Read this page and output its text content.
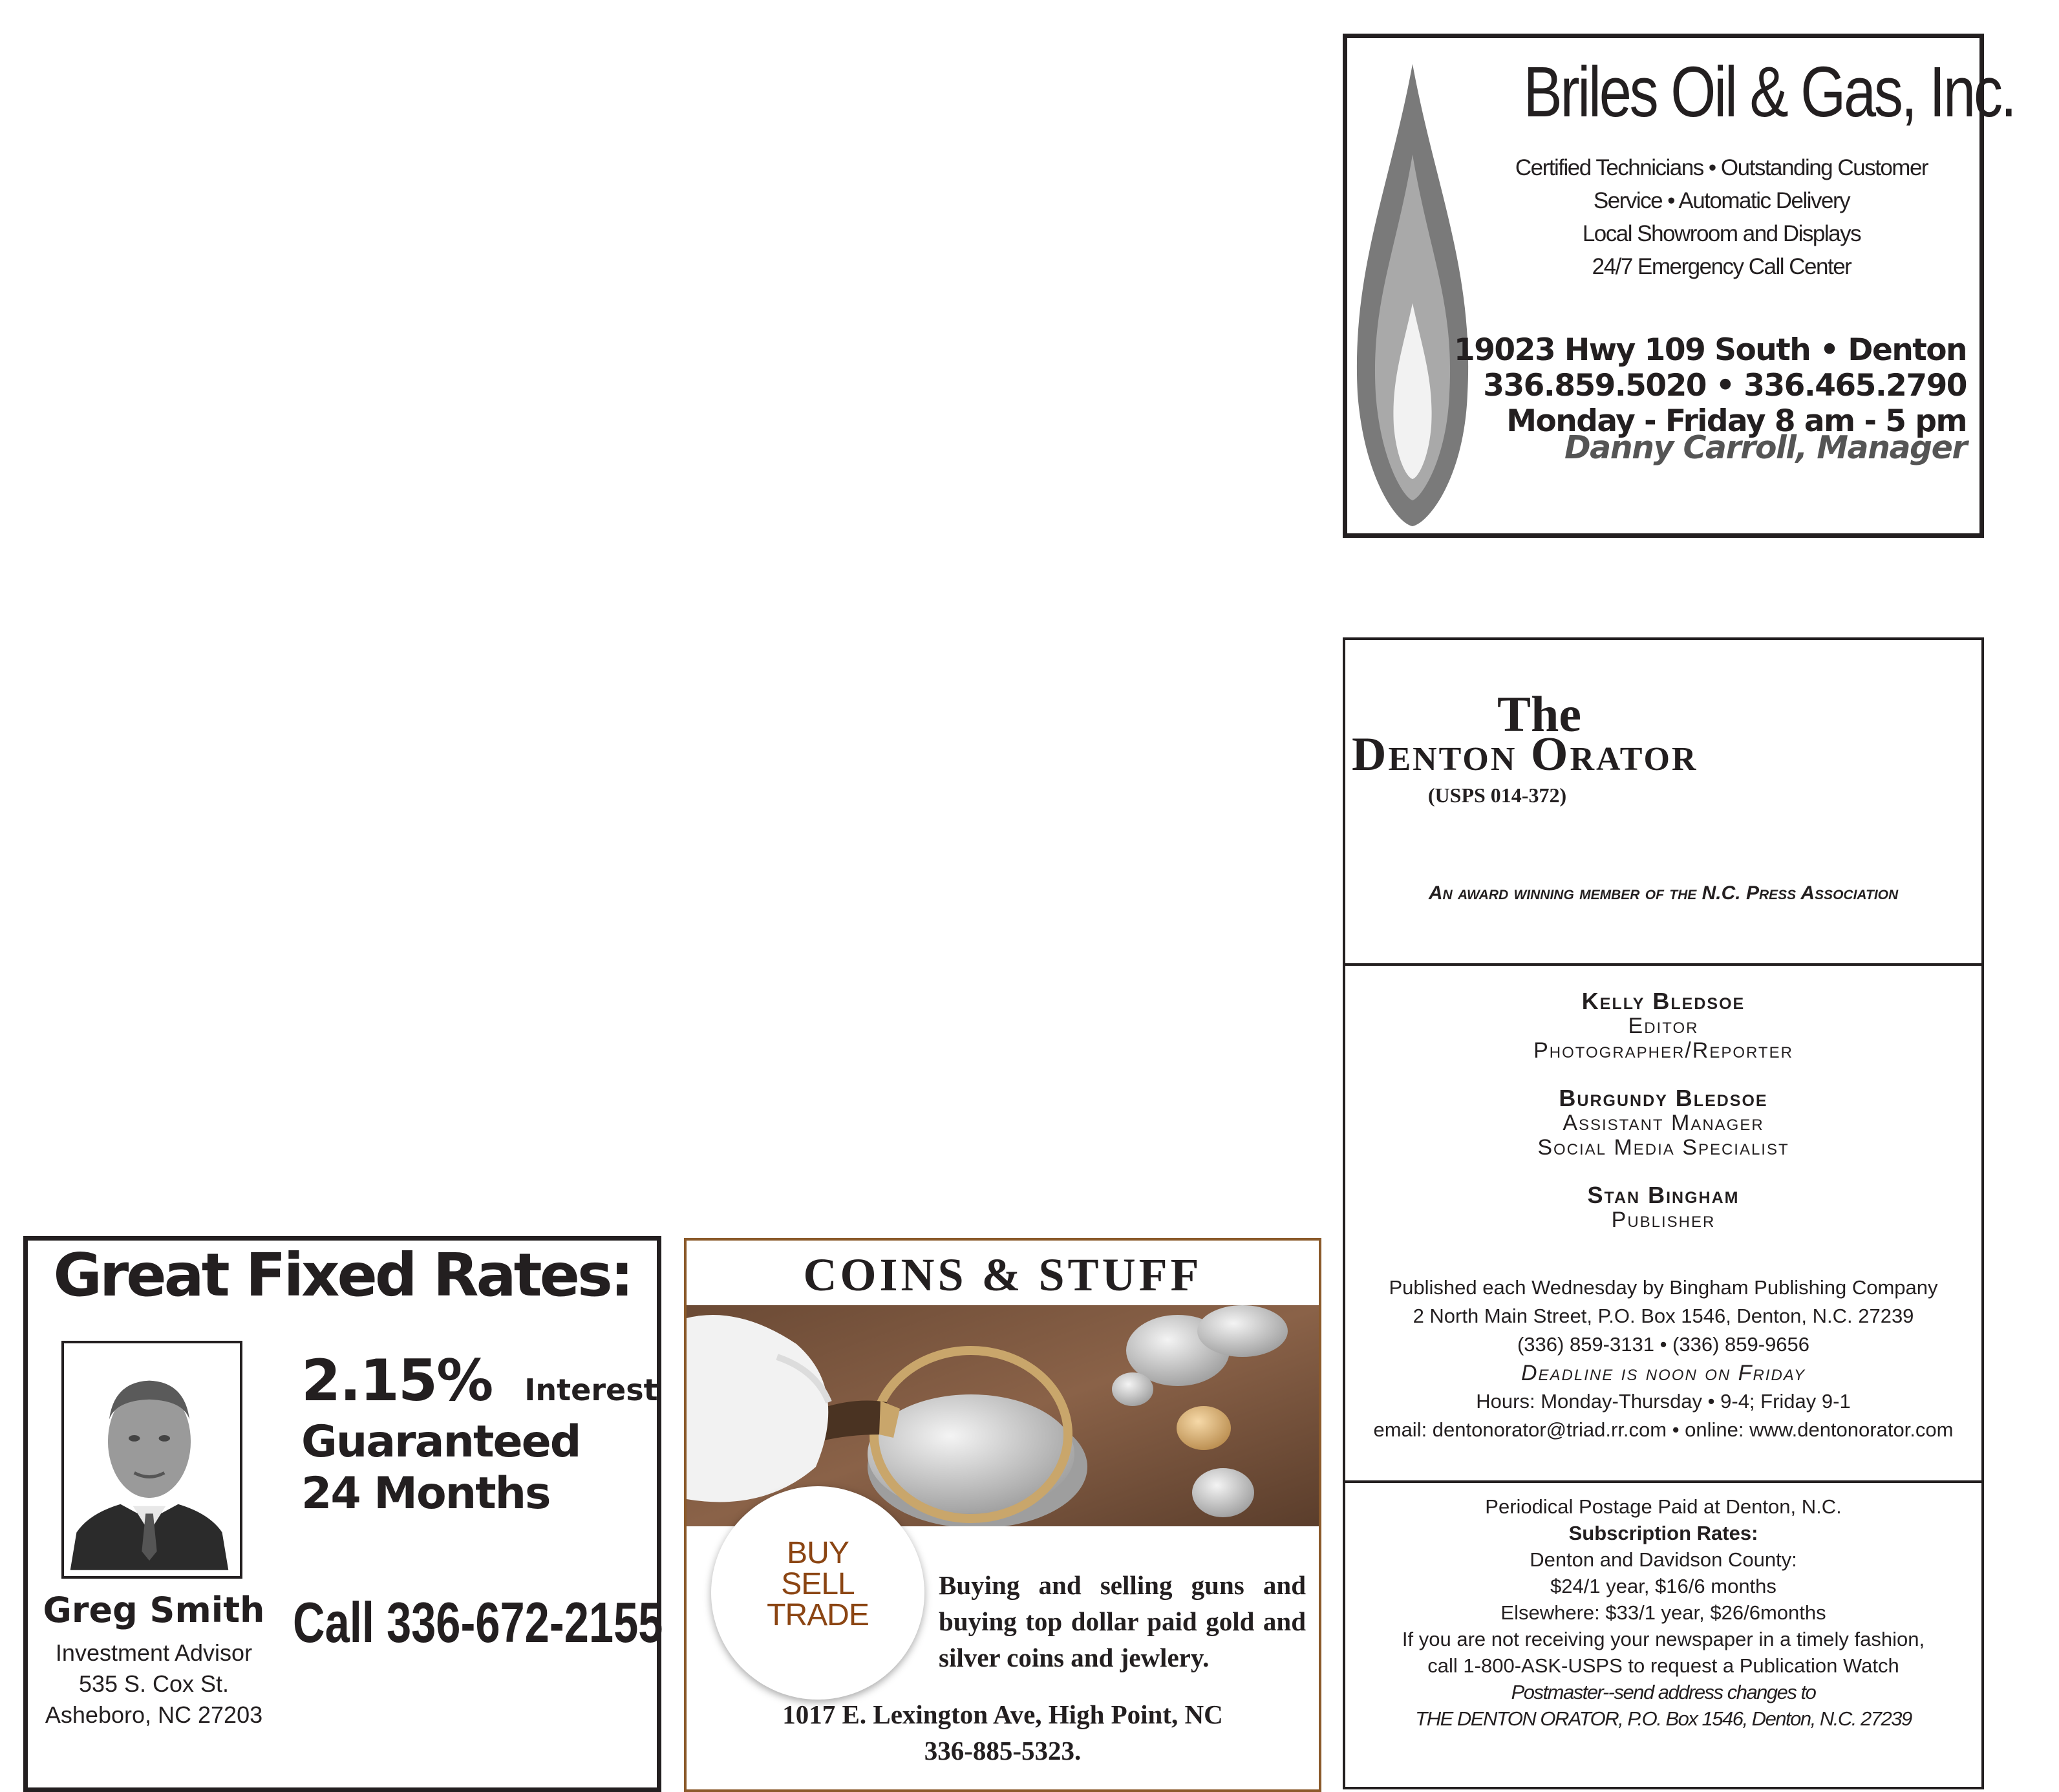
Briles Oil & Gas, Inc.
Certified Technicians • Outstanding Customer
Service • Automatic Delivery
Local Showroom and Displays
24/7 Emergency Call Center
19023 Hwy 109 South • Denton
336.859.5020 • 336.465.2790
Monday - Friday 8 am - 5 pm
Danny Carroll, Manager
The
Denton Orator
(USPS 014-372)
An award winning member of the N.C. Press Association
Kelly Bledsoe
Editor
Photographer/Reporter
Burgundy Bledsoe
Assistant Manager
Social Media Specialist
Stan Bingham
Publisher
Published each Wednesday by Bingham Publishing Company
2 North Main Street, P.O. Box 1546, Denton, N.C. 27239
(336) 859-3131 • (336) 859-9656
Deadline is noon on Friday
Hours: Monday-Thursday • 9-4; Friday 9-1
email: dentonorator@triad.rr.com • online: www.dentonorator.com
Periodical Postage Paid at Denton, N.C.
Subscription Rates:
Denton and Davidson County:
$24/1 year, $16/6 months
Elsewhere: $33/1 year, $26/6months
If you are not receiving your newspaper in a timely fashion,
call 1-800-ASK-USPS to request a Publication Watch
Postmaster--send address changes to
THE DENTON ORATOR, P.O. Box 1546, Denton, N.C. 27239
Great Fixed Rates:
2.15% Interest
Guaranteed
24 Months
Greg Smith
Investment Advisor
535 S. Cox St.
Asheboro, NC 27203
Call 336-672-2155
COINS & STUFF
BUY
SELL
TRADE
Buying and selling guns and buying top dollar paid gold and silver coins and jewlery.
1017 E. Lexington Ave, High Point, NC
336-885-5323.
